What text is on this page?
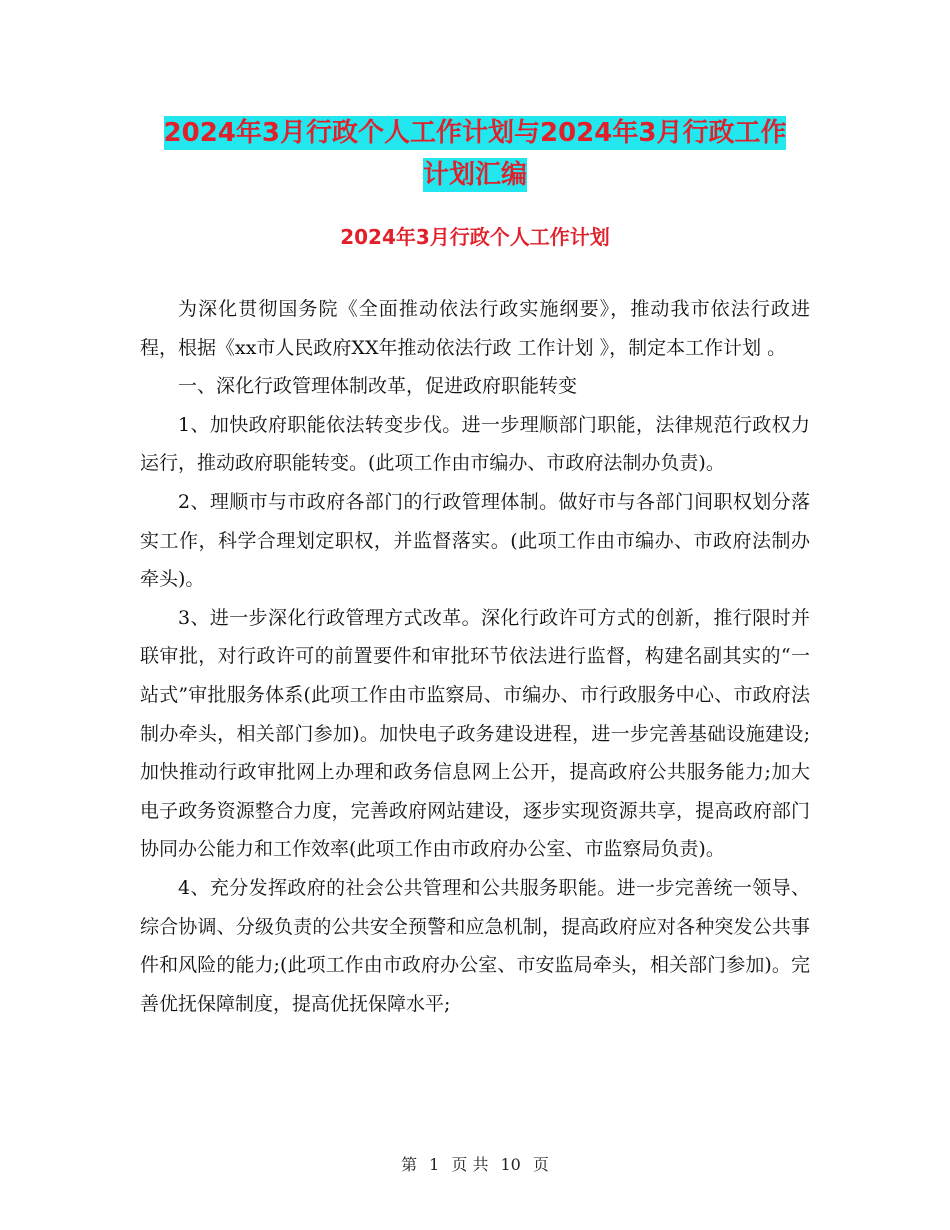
2024年3月行政个人工作计划与2024年3月行政工作
计划汇编
2024年3月行政个人工作计划

为深化贯彻国务院《全面推动依法行政实施纲要》，推动我市依法行政进程，根据《xx市人民政府XX年推动依法行政 工作计划 》，制定本工作计划 。

一、深化行政管理体制改革，促进政府职能转变

1、加快政府职能依法转变步伐。进一步理顺部门职能，法律规范行政权力运行，推动政府职能转变。(此项工作由市编办、市政府法制办负责)。

2、理顺市与市政府各部门的行政管理体制。做好市与各部门间职权划分落实工作，科学合理划定职权，并监督落实。(此项工作由市编办、市政府法制办牵头)。

3、进一步深化行政管理方式改革。深化行政许可方式的创新，推行限时并联审批，对行政许可的前置要件和审批环节依法进行监督，构建名副其实的“一站式”审批服务体系(此项工作由市监察局、市编办、市行政服务中心、市政府法制办牵头，相关部门参加)。加快电子政务建设进程，进一步完善基础设施建设;加快推动行政审批网上办理和政务信息网上公开，提高政府公共服务能力;加大电子政务资源整合力度，完善政府网站建设，逐步实现资源共享，提高政府部门协同办公能力和工作效率(此项工作由市政府办公室、市监察局负责)。

4、充分发挥政府的社会公共管理和公共服务职能。进一步完善统一领导、综合协调、分级负责的公共安全预警和应急机制，提高政府应对各种突发公共事件和风险的能力;(此项工作由市政府办公室、市安监局牵头，相关部门参加)。完善优抚保障制度，提高优抚保障水平;

第 1 页 共 10 页
